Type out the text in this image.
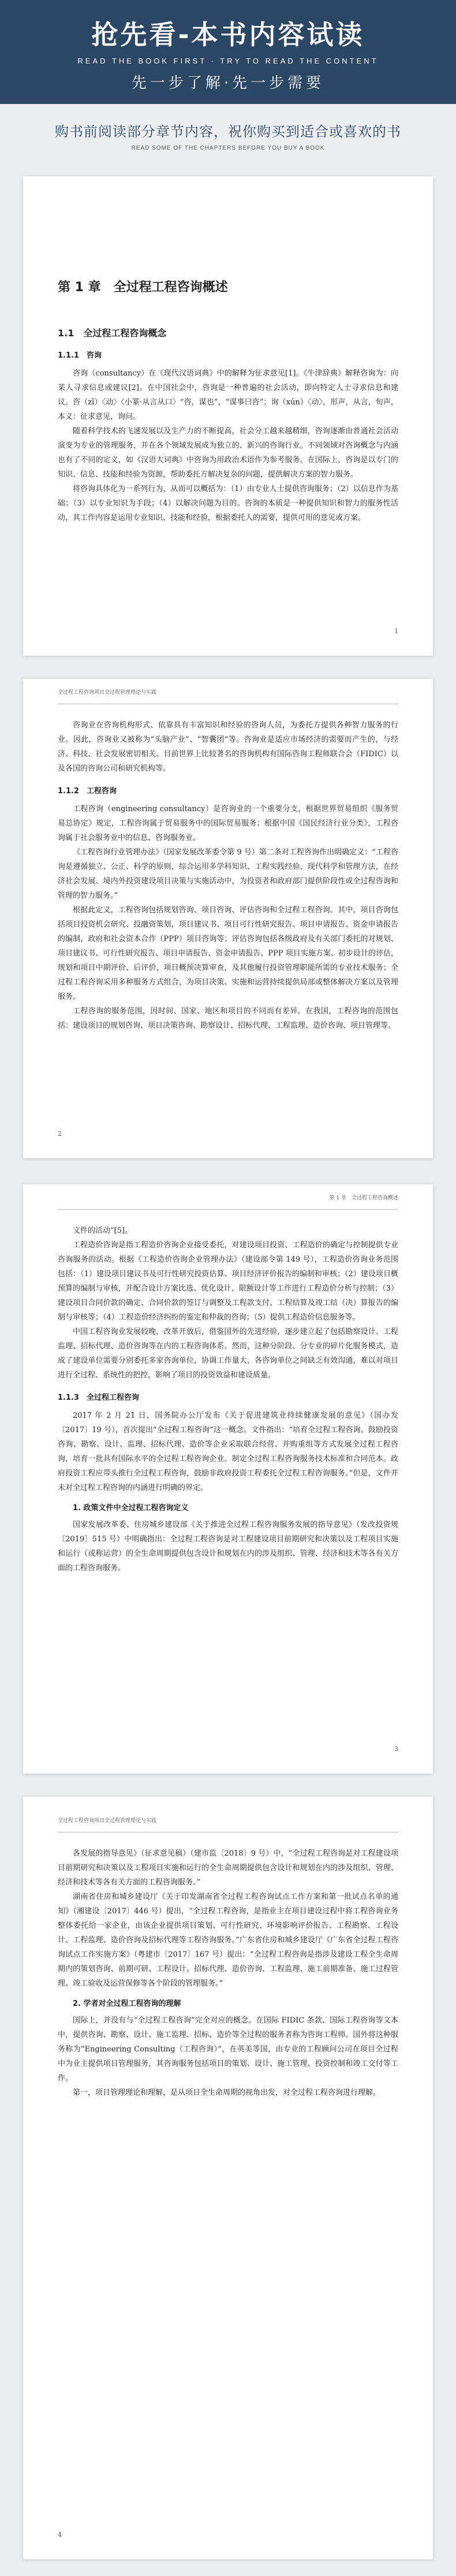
抢先看-本书内容试读
READ THE BOOK FIRST · TRY TO READ THE CONTENT
先一步了解·先一步需要
购书前阅读部分章节内容，祝你购买到适合或喜欢的书
READ SOME OF THE CHAPTERS BEFORE YOU BUY A BOOK
第 1 章　全过程工程咨询概述
1.1　全过程工程咨询概念
1.1.1　咨询

咨询（consultancy）在《现代汉语词典》中的解释为征求意见[1]。《牛津辞典》解释咨询为：向某人寻求信息或建议[2]。在中国社会中，咨询是一种普遍的社会活动，即向特定人士寻求信息和建议。咨（zī）〈动〉〈小篆·从言从口〉“咨，谋也”，“谋事曰咨”；询（xún）〈动〉，形声，从言，旬声，本义：征求意见，询问。

随着科学技术的飞速发展以及生产力的不断提高，社会分工越来越精细，咨询逐渐由普通社会活动演变为专业的管理服务，并在各个领域发展成为独立的、新兴的咨询行业。不同领域对咨询概念与内涵也有了不同的定义，如《汉语大词典》中咨询为用政治术语作为参考服务。在国际上，咨询是以专门的知识、信息、技能和经验为资源，帮助委托方解决复杂的问题，提供解决方案的智力服务。

将咨询具体化为一系列行为，从而可以概括为：（1）由专业人士提供咨询服务；（2）以信息作为基础；（3）以专业知识为手段；（4）以解决问题为目的。咨询的本质是一种提供知识和智力的服务性活动，其工作内容是运用专业知识、技能和经验，根据委托人的需要，提供可用的意见或方案。

1
全过程工程咨询项目全过程管理理论与实践

咨询业在咨询机构形式、依靠具有丰富知识和经验的咨询人员，为委托方提供各种智力服务的行业。因此，咨询业又被称为“头脑产业”、“智囊团”等。咨询业是适应市场经济的需要而产生的，与经济、科技、社会发展密切相关。目前世界上比较著名的咨询机构有国际咨询工程师联合会（FIDIC）以及各国的咨询公司和研究机构等。

1.1.2　工程咨询

工程咨询（engineering consultancy）是咨询业的一个重要分支，根据世界贸易组织《服务贸易总协定》规定，工程咨询属于贸易服务中的国际贸易服务；根据中国《国民经济行业分类》，工程咨询属于社会服务业中的信息、咨询服务业。

《工程咨询行业管理办法》（国家发展改革委令第 9 号）第二条对工程咨询作出明确定义：“工程咨询是遵循独立、公正、科学的原则，综合运用多学科知识、工程实践经验、现代科学和管理方法，在经济社会发展、境内外投资建设项目决策与实施活动中，为投资者和政府部门提供阶段性或全过程咨询和管理的智力服务。”

根据此定义，工程咨询包括规划咨询、项目咨询、评估咨询和全过程工程咨询。其中，项目咨询包括项目投资机会研究、投融资策划，项目建议书、项目可行性研究报告、项目申请报告、资金申请报告的编制，政府和社会资本合作（PPP）项目咨询等；评估咨询包括各级政府及有关部门委托的对规划、项目建议书、可行性研究报告、项目申请报告、资金申请报告、PPP 项目实施方案、初步设计的评估，规划和项目中期评价、后评价，项目概预决算审查，及其他履行投资管理职能所需的专业技术服务；全过程工程咨询采用多种服务方式组合，为项目决策、实施和运营持续提供局部或整体解决方案以及管理服务。

工程咨询的服务范围，因时间、国家、地区和项目的不同而有差异。在我国，工程咨询的范围包括：建设项目的规划咨询、项目决策咨询、勘察设计、招标代理、工程监理、造价咨询、项目管理等。

2
第 1 章　全过程工程咨询概述

文件的活动”[5]。

工程造价咨询是指工程造价咨询企业接受委托，对建设项目投资、工程造价的确定与控制提供专业咨询服务的活动。根据《工程造价咨询企业管理办法》（建设部令第 149 号），工程造价咨询业务范围包括：（1）建设项目建议书及可行性研究投资估算、项目经济评价报告的编制和审核；（2）建设项目概预算的编制与审核，并配合设计方案比选、优化设计、限额设计等工作进行工程造价分析与控制；（3）建设项目合同价款的确定、合同价款的签订与调整及工程款支付、工程结算及竣工结（决）算报告的编制与审核等；（4）工程造价经济纠纷的鉴定和仲裁的咨询；（5）提供工程造价信息服务等。

中国工程咨询业发展较晚，改革开放后，借鉴国外的先进经验，逐步建立起了包括勘察设计、工程监理、招标代理、造价咨询等在内的工程咨询体系。然而，这种分阶段、分专业的碎片化服务模式，造成了建设单位需要分别委托多家咨询单位，协调工作量大，各咨询单位之间缺乏有效沟通，难以对项目进行全过程、系统性的把控，影响了项目的投资效益和建设质量。

1.1.3　全过程工程咨询

2017 年 2 月 21 日，国务院办公厅发布《关于促进建筑业持续健康发展的意见》（国办发〔2017〕19 号），首次提出“全过程工程咨询”这一概念。文件指出：“培育全过程工程咨询。鼓励投资咨询、勘察、设计、监理、招标代理、造价等企业采取联合经营、并购重组等方式发展全过程工程咨询，培育一批具有国际水平的全过程工程咨询企业。制定全过程工程咨询服务技术标准和合同范本。政府投资工程应带头推行全过程工程咨询，鼓励非政府投资工程委托全过程工程咨询服务。”但是，文件并未对全过程工程咨询的内涵进行明确的界定。

1. 政策文件中全过程工程咨询定义

国家发展改革委、住房城乡建设部《关于推进全过程工程咨询服务发展的指导意见》（发改投资规〔2019〕515 号）中明确指出：全过程工程咨询是对工程建设项目前期研究和决策以及工程项目实施和运行（或称运营）的全生命周期提供包含设计和规划在内的涉及组织、管理、经济和技术等各有关方面的工程咨询服务。

3
全过程工程咨询项目全过程管理理论与实践

各发展的指导意见》（征求意见稿）（建市监〔2018〕9 号）中，“全过程工程咨询是对工程建设项目前期研究和决策以及工程项目实施和运行的全生命周期提供包含设计和规划在内的涉及组织、管理、经济和技术等各有关方面的工程咨询服务。”

湖南省住房和城乡建设厅《关于印发湖南省全过程工程咨询试点工作方案和第一批试点名单的通知》（湘建设〔2017〕446 号）提出，“全过程工程咨询，是指业主在项目建设过程中将工程咨询业务整体委托给一家企业，由该企业提供项目策划、可行性研究、环境影响评价报告、工程勘察、工程设计、工程监理、造价咨询及招标代理等工程咨询服务。”广东省住房和城乡建设厅《广东省全过程工程咨询试点工作实施方案》（粤建市〔2017〕167 号）提出：“全过程工程咨询是指涉及建设工程全生命周期内的策划咨询、前期可研、工程设计、招标代理、造价咨询、工程监理、施工前期准备、施工过程管理、竣工验收及运营保修等各个阶段的管理服务。”

2. 学者对全过程工程咨询的理解

国际上，并没有与“全过程工程咨询”完全对应的概念。在国际 FIDIC 条款、国际工程咨询等文本中，提供咨询、勘察、设计、施工监理、招标、造价等全过程的服务者称为咨询工程师。国外将这种服务称为“Engineering Consulting（工程咨询）”，在英美等国，由专业的工程顾问公司在项目全过程中为业主提供项目管理服务，其咨询服务包括项目的策划、设计、施工管理、投资控制和竣工交付等工作。

第一，项目管理理论和理解，是从项目全生命周期的视角出发，对全过程工程咨询进行理解。

4
